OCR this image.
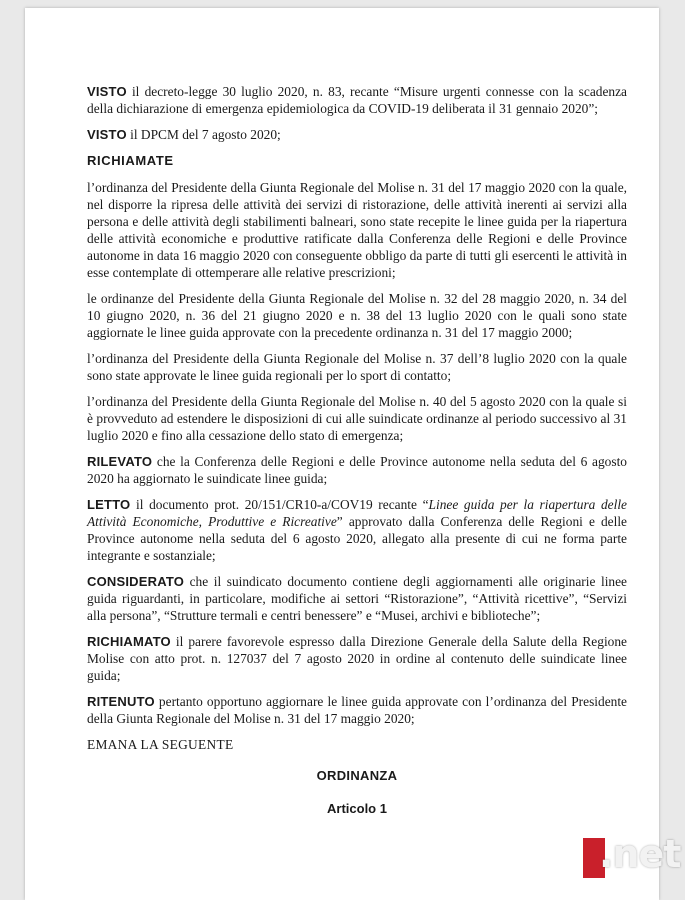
VISTO il decreto-legge 30 luglio 2020, n. 83, recante “Misure urgenti connesse con la scadenza della dichiarazione di emergenza epidemiologica da COVID-19 deliberata il 31 gennaio 2020”;

VISTO il DPCM del 7 agosto 2020;

RICHIAMATE

l’ordinanza del Presidente della Giunta Regionale del Molise n. 31 del 17 maggio 2020 con la quale, nel disporre la ripresa delle attività dei servizi di ristorazione, delle attività inerenti ai servizi alla persona e delle attività degli stabilimenti balneari, sono state recepite le linee guida per la riapertura delle attività economiche e produttive ratificate dalla Conferenza delle Regioni e delle Province autonome in data 16 maggio 2020 con conseguente obbligo da parte di tutti gli esercenti le attività in esse contemplate di ottemperare alle relative prescrizioni;

le ordinanze del Presidente della Giunta Regionale del Molise n. 32 del 28 maggio 2020, n. 34 del 10 giugno 2020, n. 36 del 21 giugno 2020 e n. 38 del 13 luglio 2020 con le quali sono state aggiornate le linee guida approvate con la precedente ordinanza n. 31 del 17 maggio 2000;

l’ordinanza del Presidente della Giunta Regionale del Molise n. 37 dell’8 luglio 2020 con la quale sono state approvate le linee guida regionali per lo sport di contatto;

l’ordinanza del Presidente della Giunta Regionale del Molise n. 40 del 5 agosto 2020 con la quale si è provveduto ad estendere le disposizioni di cui alle suindicate ordinanze al periodo successivo al 31 luglio 2020 e fino alla cessazione dello stato di emergenza;

RILEVATO che la Conferenza delle Regioni e delle Province autonome nella seduta del 6 agosto 2020 ha aggiornato le suindicate linee guida;

LETTO il documento prot. 20/151/CR10-a/COV19 recante “Linee guida per la riapertura delle Attività Economiche, Produttive e Ricreative” approvato dalla Conferenza delle Regioni e delle Province autonome nella seduta del 6 agosto 2020, allegato alla presente di cui ne forma parte integrante e sostanziale;

CONSIDERATO che il suindicato documento contiene degli aggiornamenti alle originarie linee guida riguardanti, in particolare, modifiche ai settori “Ristorazione”, “Attività ricettive”, “Servizi alla persona”, “Strutture termali e centri benessere” e “Musei, archivi e biblioteche”;

RICHIAMATO il parere favorevole espresso dalla Direzione Generale della Salute della Regione Molise con atto prot. n. 127037 del 7 agosto 2020 in ordine al contenuto delle suindicate linee guida;

RITENUTO pertanto opportuno aggiornare le linee guida approvate con l’ordinanza del Presidente della Giunta Regionale del Molise n. 31 del 17 maggio 2020;

EMANA LA SEGUENTE

ORDINANZA

Articolo 1

.net
